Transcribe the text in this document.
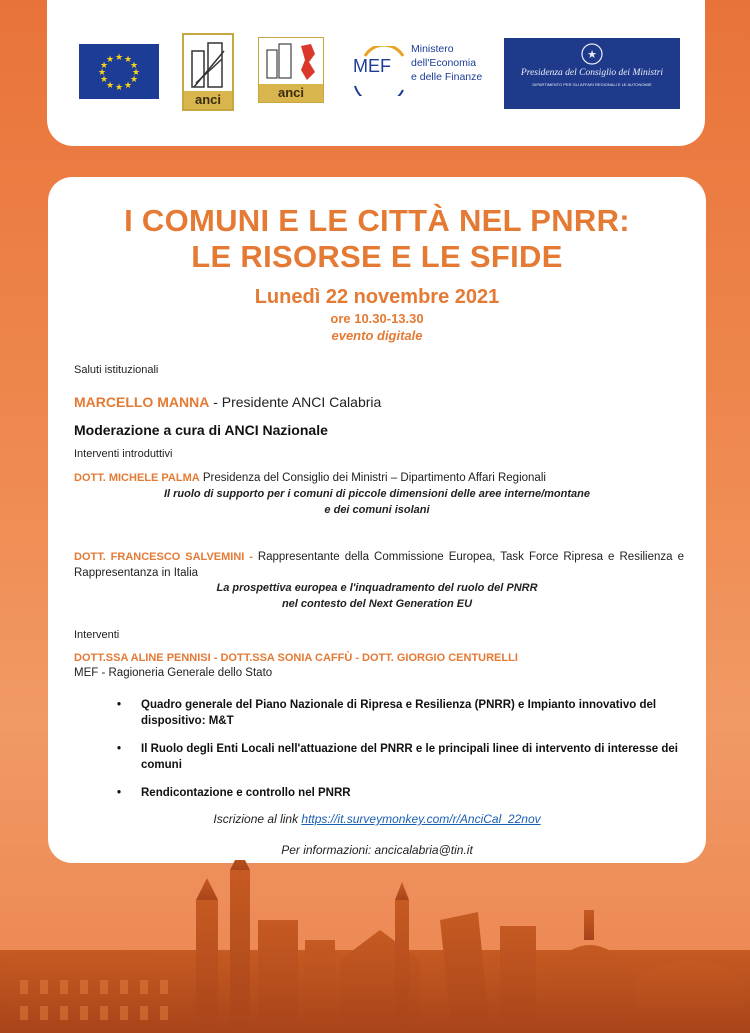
★ ★
★
★
★
★
★
★
★
★
★
★
anci	anci
MEF
Ministero
dell'Economia
e delle Finanze
★
Presidenza del Consiglio dei Ministri
DIPARTIMENTO PER GLI AFFARI REGIONALI E LE AUTONOMIE
I COMUNI E LE CITTÀ NEL PNRR:
LE RISORSE E LE SFIDE
Lunedì 22 novembre 2021
ore 10.30-13.30
evento digitale
Saluti istituzionali
MARCELLO MANNA - Presidente ANCI Calabria
Moderazione a cura di ANCI Nazionale
Interventi introduttivi
DOTT. MICHELE PALMA Presidenza del Consiglio dei Ministri – Dipartimento Affari Regionali
Il ruolo di supporto per i comuni di piccole dimensioni delle aree interne/montane
e dei comuni isolani
DOTT. FRANCESCO SALVEMINI - Rappresentante della Commissione Europea, Task Force Ripresa e Resilienza e Rappresentanza in Italia
La prospettiva europea e l'inquadramento del ruolo del PNRR
nel contesto del Next Generation EU
Interventi
DOTT.SSA ALINE PENNISI - DOTT.SSA SONIA CAFFÙ - DOTT. GIORGIO CENTURELLI
MEF - Ragioneria Generale dello Stato
• Quadro generale del Piano Nazionale di Ripresa e Resilienza (PNRR) e Impianto innovativo del dispositivo: M&T
• Il Ruolo degli Enti Locali nell'attuazione del PNRR e le principali linee di intervento di interesse dei comuni
• Rendicontazione e controllo nel PNRR
Iscrizione al link https://it.surveymonkey.com/r/AnciCal_22nov
Per informazioni: ancicalabria@tin.it
